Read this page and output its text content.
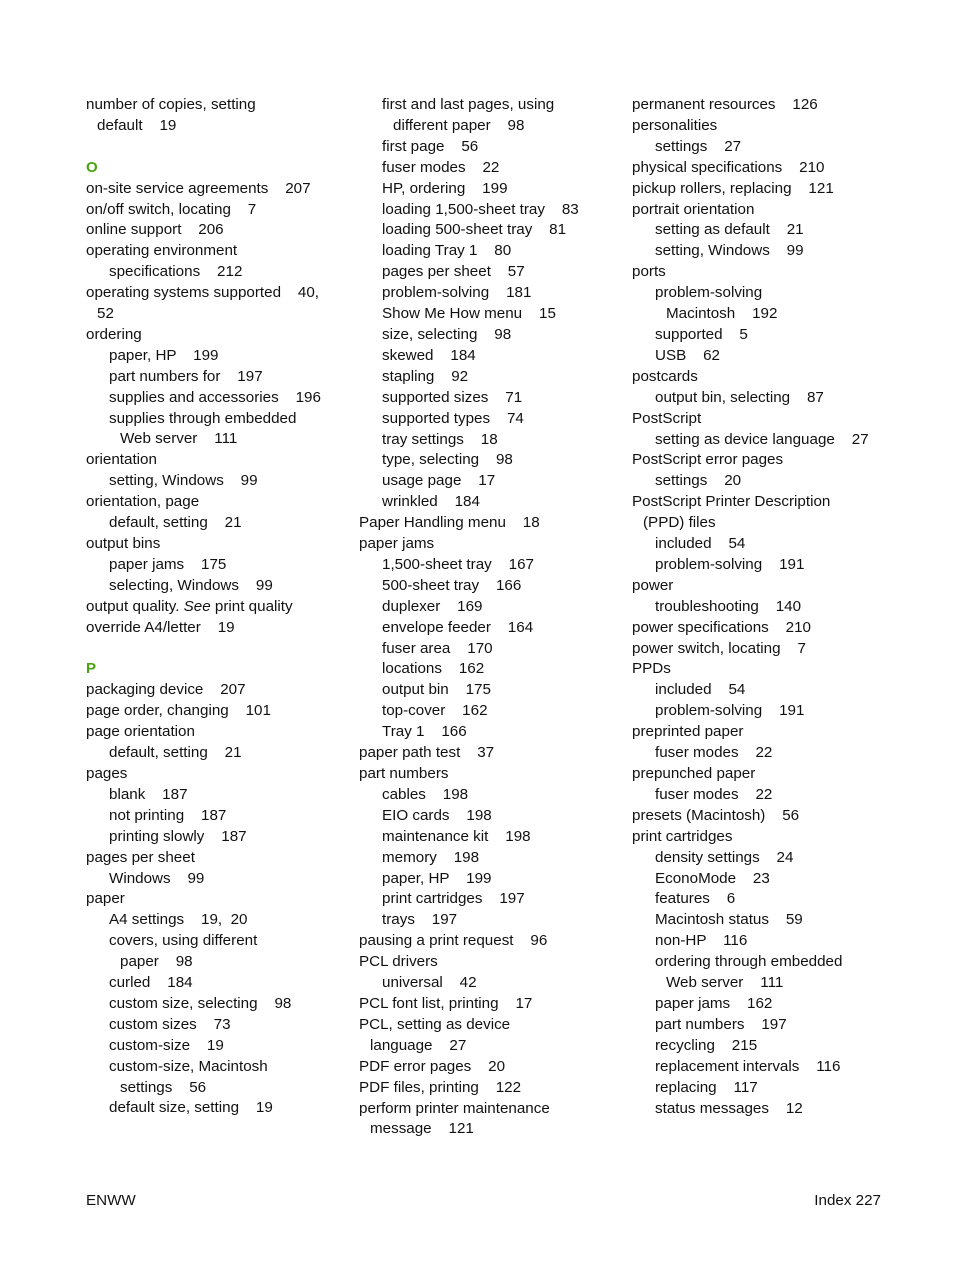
number of copies, setting
default    19
O
on-site service agreements    207
on/off switch, locating    7
online support    206
operating environment
specifications    212
operating systems supported    40,
52
ordering
paper, HP    199
part numbers for    197
supplies and accessories    196
supplies through embedded
Web server    111
orientation
setting, Windows    99
orientation, page
default, setting    21
output bins
paper jams    175
selecting, Windows    99
output quality. See print quality
override A4/letter    19
P
packaging device    207
page order, changing    101
page orientation
default, setting    21
pages
blank    187
not printing    187
printing slowly    187
pages per sheet
Windows    99
paper
A4 settings    19,  20
covers, using different
paper    98
curled    184
custom size, selecting    98
custom sizes    73
custom-size    19
custom-size, Macintosh
settings    56
default size, setting    19
first and last pages, using
different paper    98
first page    56
fuser modes    22
HP, ordering    199
loading 1,500-sheet tray    83
loading 500-sheet tray    81
loading Tray 1    80
pages per sheet    57
problem-solving    181
Show Me How menu    15
size, selecting    98
skewed    184
stapling    92
supported sizes    71
supported types    74
tray settings    18
type, selecting    98
usage page    17
wrinkled    184
Paper Handling menu    18
paper jams
1,500-sheet tray    167
500-sheet tray    166
duplexer    169
envelope feeder    164
fuser area    170
locations    162
output bin    175
top-cover    162
Tray 1    166
paper path test    37
part numbers
cables    198
EIO cards    198
maintenance kit    198
memory    198
paper, HP    199
print cartridges    197
trays    197
pausing a print request    96
PCL drivers
universal    42
PCL font list, printing    17
PCL, setting as device
language    27
PDF error pages    20
PDF files, printing    122
perform printer maintenance
message    121
permanent resources    126
personalities
settings    27
physical specifications    210
pickup rollers, replacing    121
portrait orientation
setting as default    21
setting, Windows    99
ports
problem-solving
Macintosh    192
supported    5
USB    62
postcards
output bin, selecting    87
PostScript
setting as device language    27
PostScript error pages
settings    20
PostScript Printer Description
(PPD) files
included    54
problem-solving    191
power
troubleshooting    140
power specifications    210
power switch, locating    7
PPDs
included    54
problem-solving    191
preprinted paper
fuser modes    22
prepunched paper
fuser modes    22
presets (Macintosh)    56
print cartridges
density settings    24
EconoMode    23
features    6
Macintosh status    59
non-HP    116
ordering through embedded
Web server    111
paper jams    162
part numbers    197
recycling    215
replacement intervals    116
replacing    117
status messages    12
ENWW	Index 227
